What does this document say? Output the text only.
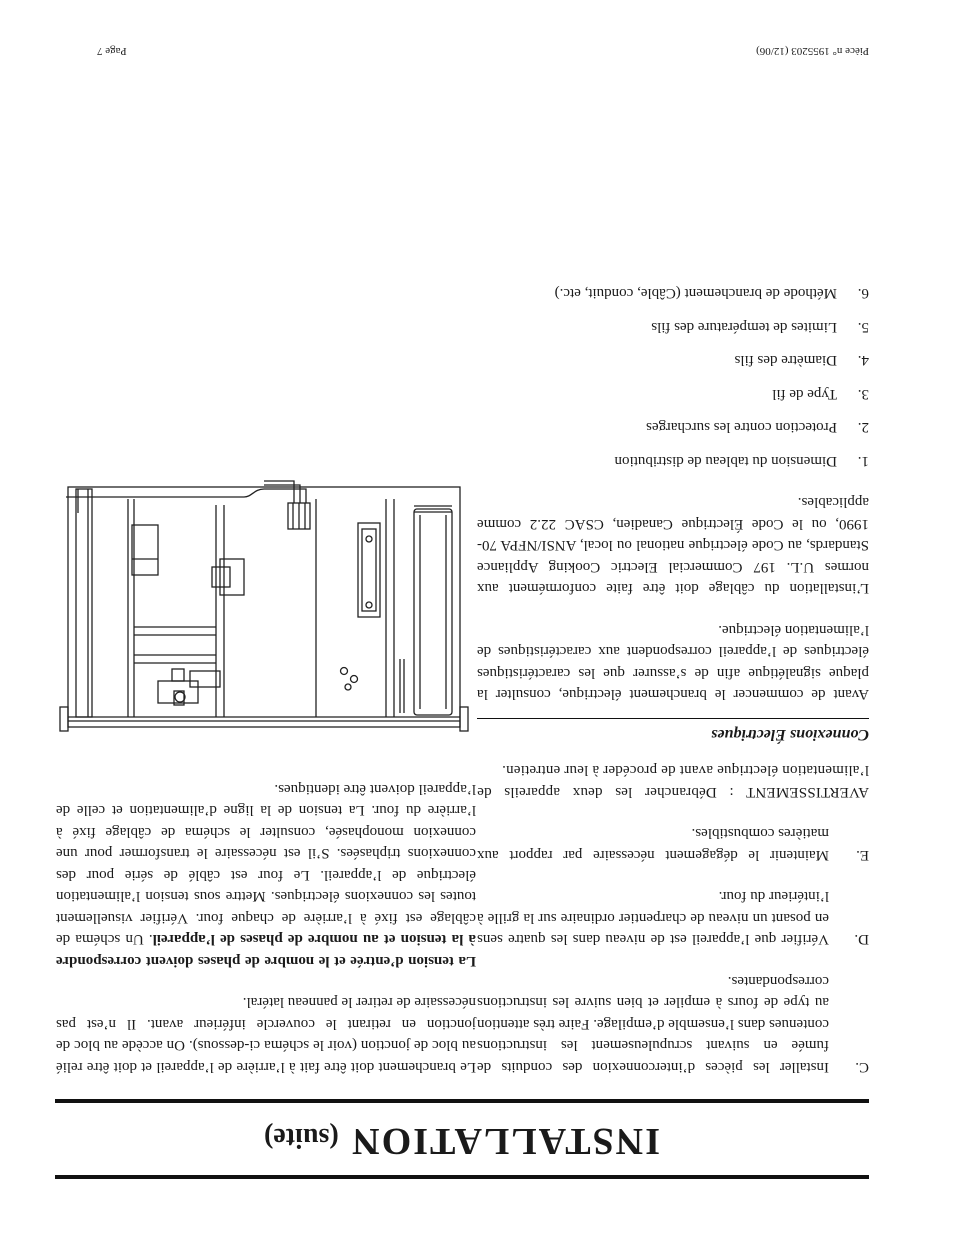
INSTALLATION (suite)
C.
Installer les pièces d’interconnexion des conduits de fumée en suivant scrupuleusement les instructions contenues dans l’ensemble d’empilage. Faire très attention au type de fours à empiler et bien suivre les instructions correspondantes.
D.
Vérifier que l’appareil est de niveau dans les quatre sens en posant un niveau de charpentier ordinaire sur la grille à l’intérieur du four.
E.
Maintenir le dégagement nécessaire par rapport aux matières combustibles.
AVERTISSEMENT : Débrancher les deux appareils de l’alimentation électrique avant de procéder à leur entretien.
Connexions Électriques
Avant de commencer le branchement électrique, consulter la plaque signalétique afin de s’assurer que les caractéristiques électriques de l’appareil correspondent aux caractéristiques de l’alimentation électrique.
L’installation du câblage doit être faite conformément aux normes U.L. 197 Commercial Electric Cooking Appliance Standards, au Code électrique national ou local, ANSI/NFPA 70-1990, ou le Code Électrique Canadien, CSAC 22.2 comme applicables.
1.
Dimension du tableau de distribution
2.
Protection contre les surcharges
3.
Type de fil
4.
Diamètre des fils
5.
Limites de température des fils
6.
Méthode de branchement (Câble, conduit, etc.)
Le branchement doit être fait à l’arrière de l’appareil et doit être relié au bloc de jonction (voir le schéma ci-dessous). On accède au bloc de jonction en retirant le couvercle inférieur avant. Il n’est pas nécessaire de retirer le panneau latéral.
La tension d’entrée et le nombre de phases doivent correspondre à la tension et au nombre de phases de l’appareil. Un schéma de câblage est fixé à l’arrière de chaque four. Vérifier visuellement toutes les connexions électriques. Mettre sous tension l’alimentation électrique de l’appareil. Le four est câblé de série pour des connexions triphasées. S’il est nécessaire le transformer pour une connexion monophasée, consulter le schéma de câblage fixé à l’arrière du four. La tension de la ligne d’alimentation et celle de l’appareil doivent être identiques.
Pièce n° 1955203 (12/06)
Page 7
